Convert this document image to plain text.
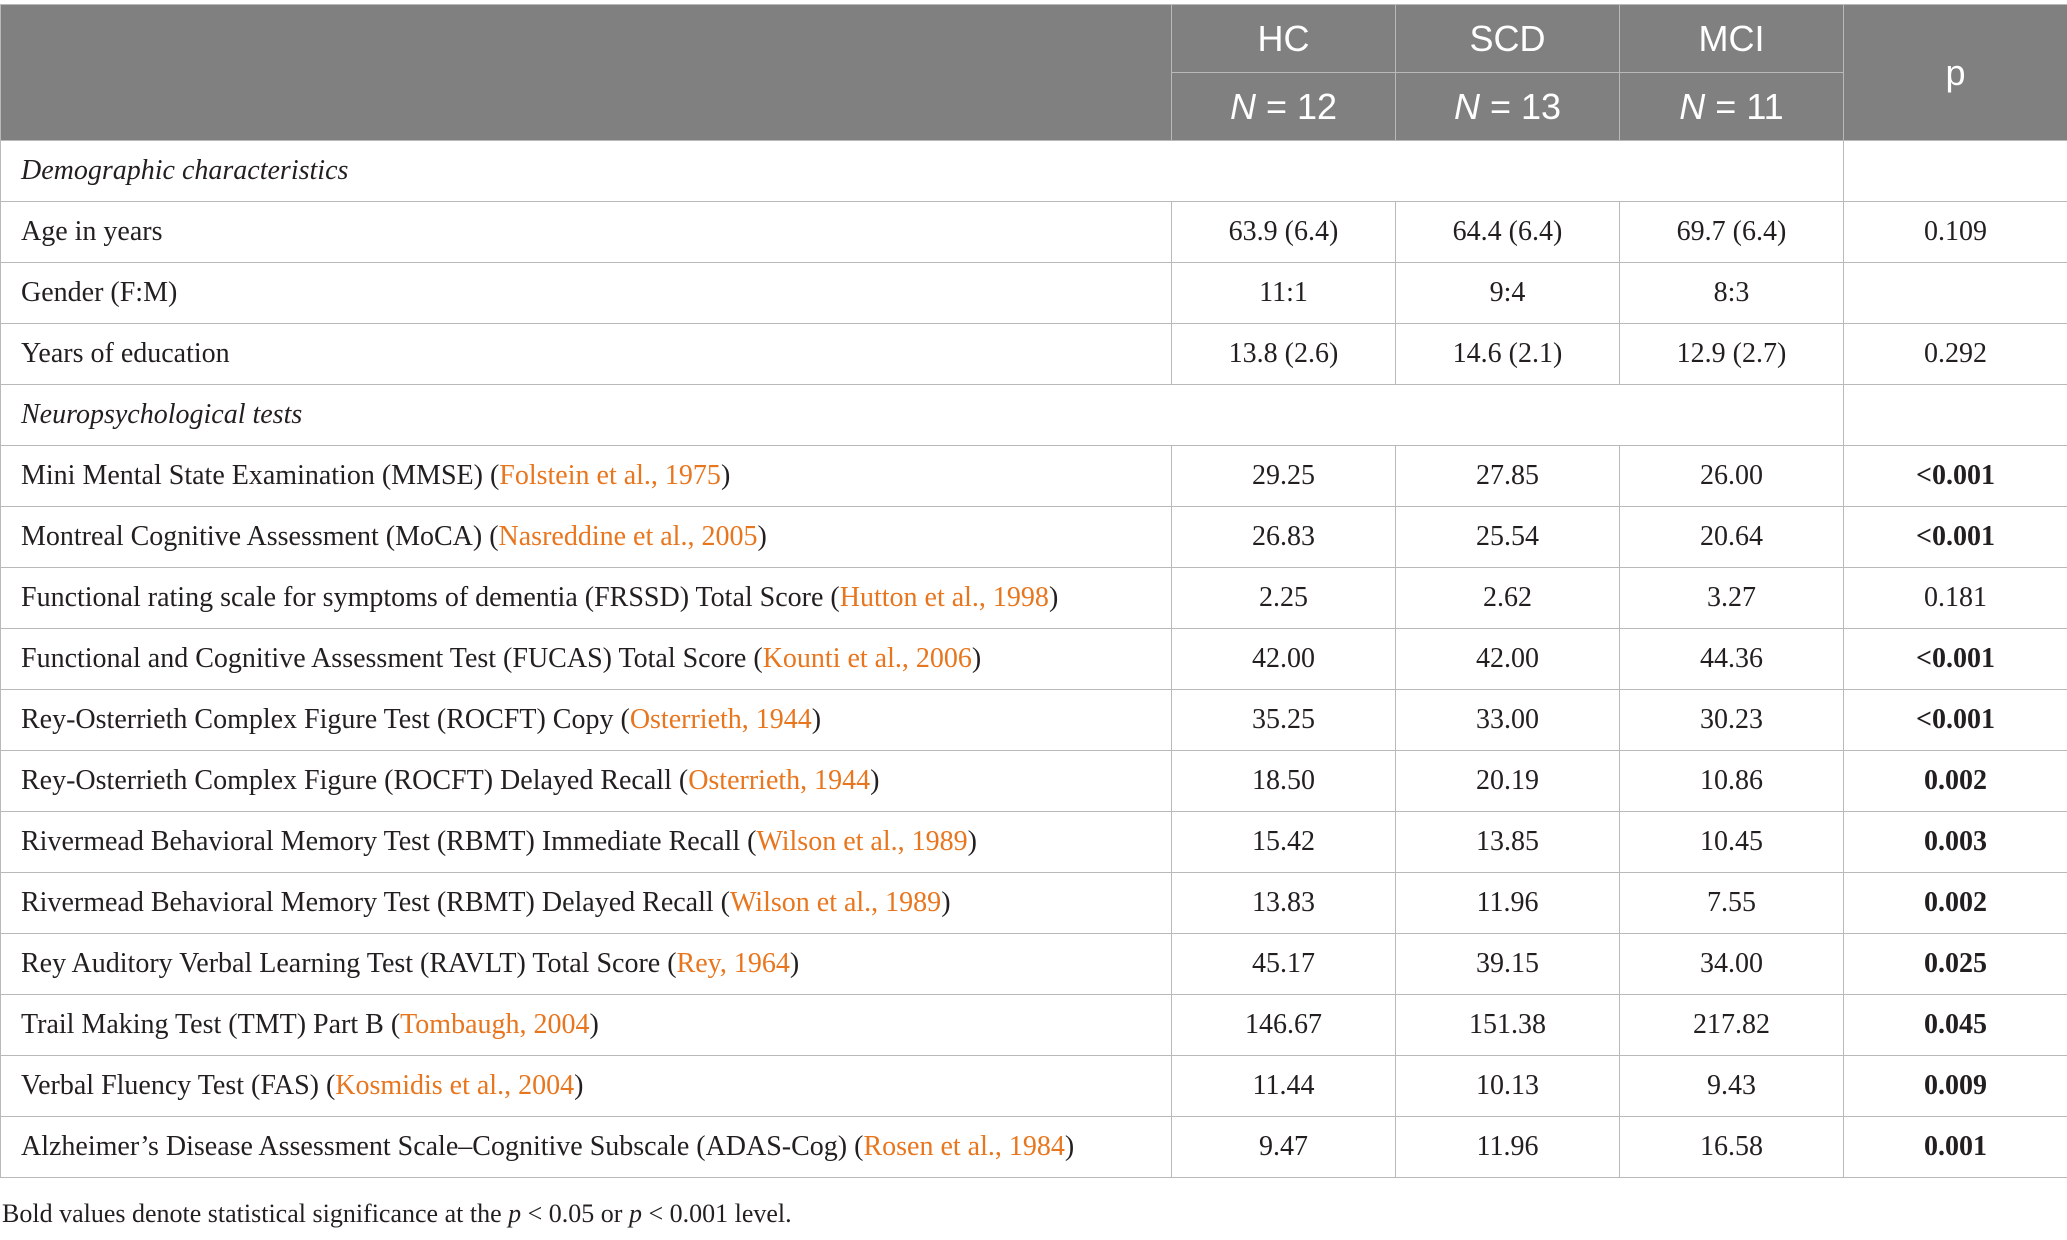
	HC	SCD	MCI	p
	N = 12	N = 13	N = 11	
Demographic characteristics				
Age in years	63.9 (6.4)	64.4 (6.4)	69.7 (6.4)	0.109
Gender (F:M)	11:1	9:4	8:3	
Years of education	13.8 (2.6)	14.6 (2.1)	12.9 (2.7)	0.292
Neuropsychological tests				
Mini Mental State Examination (MMSE) (Folstein et al., 1975)	29.25	27.85	26.00	<0.001
Montreal Cognitive Assessment (MoCA) (Nasreddine et al., 2005)	26.83	25.54	20.64	<0.001
Functional rating scale for symptoms of dementia (FRSSD) Total Score (Hutton et al., 1998)	2.25	2.62	3.27	0.181
Functional and Cognitive Assessment Test (FUCAS) Total Score (Kounti et al., 2006)	42.00	42.00	44.36	<0.001
Rey-Osterrieth Complex Figure Test (ROCFT) Copy (Osterrieth, 1944)	35.25	33.00	30.23	<0.001
Rey-Osterrieth Complex Figure (ROCFT) Delayed Recall (Osterrieth, 1944)	18.50	20.19	10.86	0.002
Rivermead Behavioral Memory Test (RBMT) Immediate Recall (Wilson et al., 1989)	15.42	13.85	10.45	0.003
Rivermead Behavioral Memory Test (RBMT) Delayed Recall (Wilson et al., 1989)	13.83	11.96	7.55	0.002
Rey Auditory Verbal Learning Test (RAVLT) Total Score (Rey, 1964)	45.17	39.15	34.00	0.025
Trail Making Test (TMT) Part B (Tombaugh, 2004)	146.67	151.38	217.82	0.045
Verbal Fluency Test (FAS) (Kosmidis et al., 2004)	11.44	10.13	9.43	0.009
Alzheimer’s Disease Assessment Scale–Cognitive Subscale (ADAS-Cog) (Rosen et al., 1984)	9.47	11.96	16.58	0.001
Bold values denote statistical significance at the p < 0.05 or p < 0.001 level.
